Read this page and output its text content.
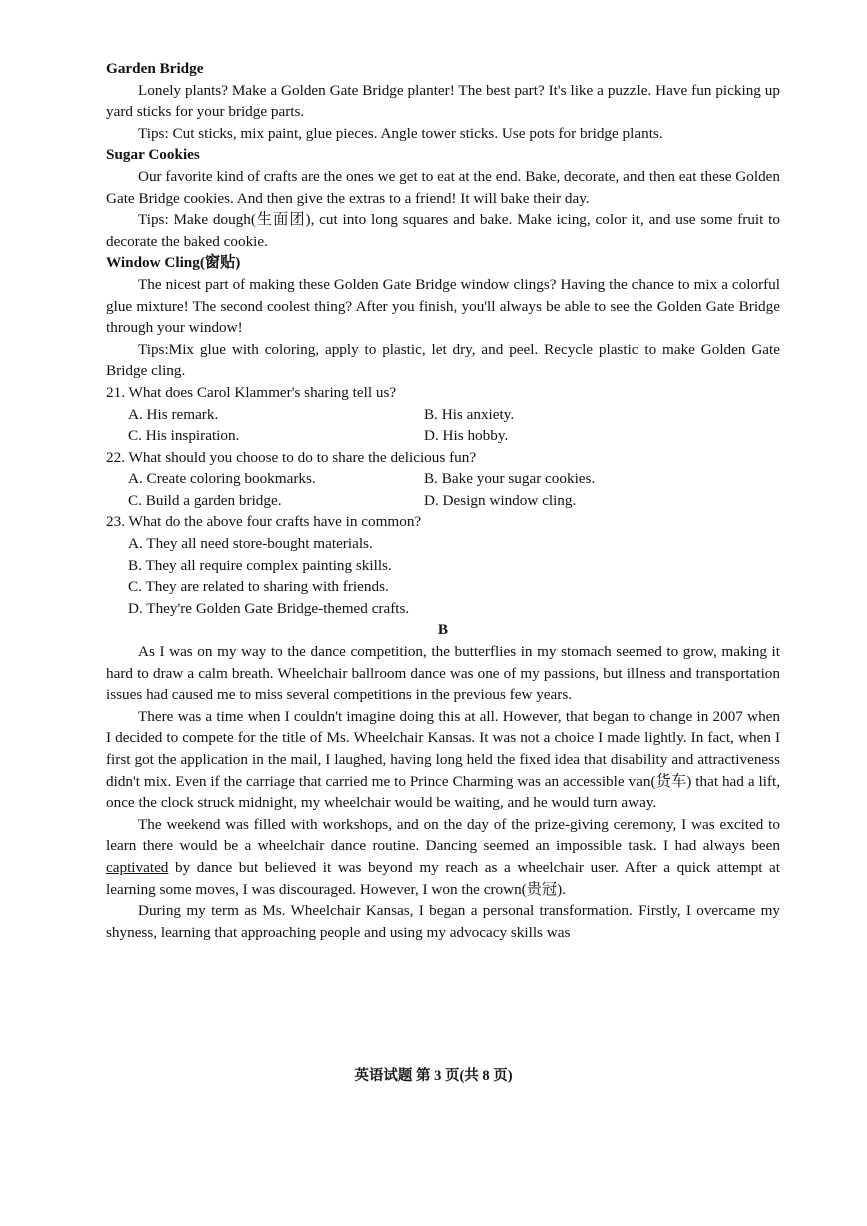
Garden Bridge

Lonely plants? Make a Golden Gate Bridge planter! The best part? It's like a puzzle. Have fun picking up yard sticks for your bridge parts.

Tips: Cut sticks, mix paint, glue pieces. Angle tower sticks. Use pots for bridge plants.

Sugar Cookies

Our favorite kind of crafts are the ones we get to eat at the end. Bake, decorate, and then eat these Golden Gate Bridge cookies. And then give the extras to a friend! It will bake their day.

Tips: Make dough(生面团), cut into long squares and bake. Make icing, color it, and use some fruit to decorate the baked cookie.

Window Cling(窗贴)

The nicest part of making these Golden Gate Bridge window clings? Having the chance to mix a colorful glue mixture! The second coolest thing? After you finish, you'll always be able to see the Golden Gate Bridge through your window!

Tips:Mix glue with coloring, apply to plastic, let dry, and peel. Recycle plastic to make Golden Gate Bridge cling.

21. What does Carol Klammer's sharing tell us?

A. His remark.	B. His anxiety.
C. His inspiration.	D. His hobby.

22. What should you choose to do to share the delicious fun?

A. Create coloring bookmarks.	B. Bake your sugar cookies.
C. Build a garden bridge.	D. Design window cling.

23. What do the above four crafts have in common?

A. They all need store-bought materials.
B. They all require complex painting skills.
C. They are related to sharing with friends.
D. They're Golden Gate Bridge-themed crafts.

B

As I was on my way to the dance competition, the butterflies in my stomach seemed to grow, making it hard to draw a calm breath. Wheelchair ballroom dance was one of my passions, but illness and transportation issues had caused me to miss several competitions in the previous few years.

There was a time when I couldn't imagine doing this at all. However, that began to change in 2007 when I decided to compete for the title of Ms. Wheelchair Kansas. It was not a choice I made lightly. In fact, when I first got the application in the mail, I laughed, having long held the fixed idea that disability and attractiveness didn't mix. Even if the carriage that carried me to Prince Charming was an accessible van(货车) that had a lift, once the clock struck midnight, my wheelchair would be waiting, and he would turn away.

The weekend was filled with workshops, and on the day of the prize-giving ceremony, I was excited to learn there would be a wheelchair dance routine. Dancing seemed an impossible task. I had always been captivated by dance but believed it was beyond my reach as a wheelchair user. After a quick attempt at learning some moves, I was discouraged. However, I won the crown(贵冠).

During my term as Ms. Wheelchair Kansas, I began a personal transformation. Firstly, I overcame my shyness, learning that approaching people and using my advocacy skills was

英语试题 第 3 页(共 8 页)
